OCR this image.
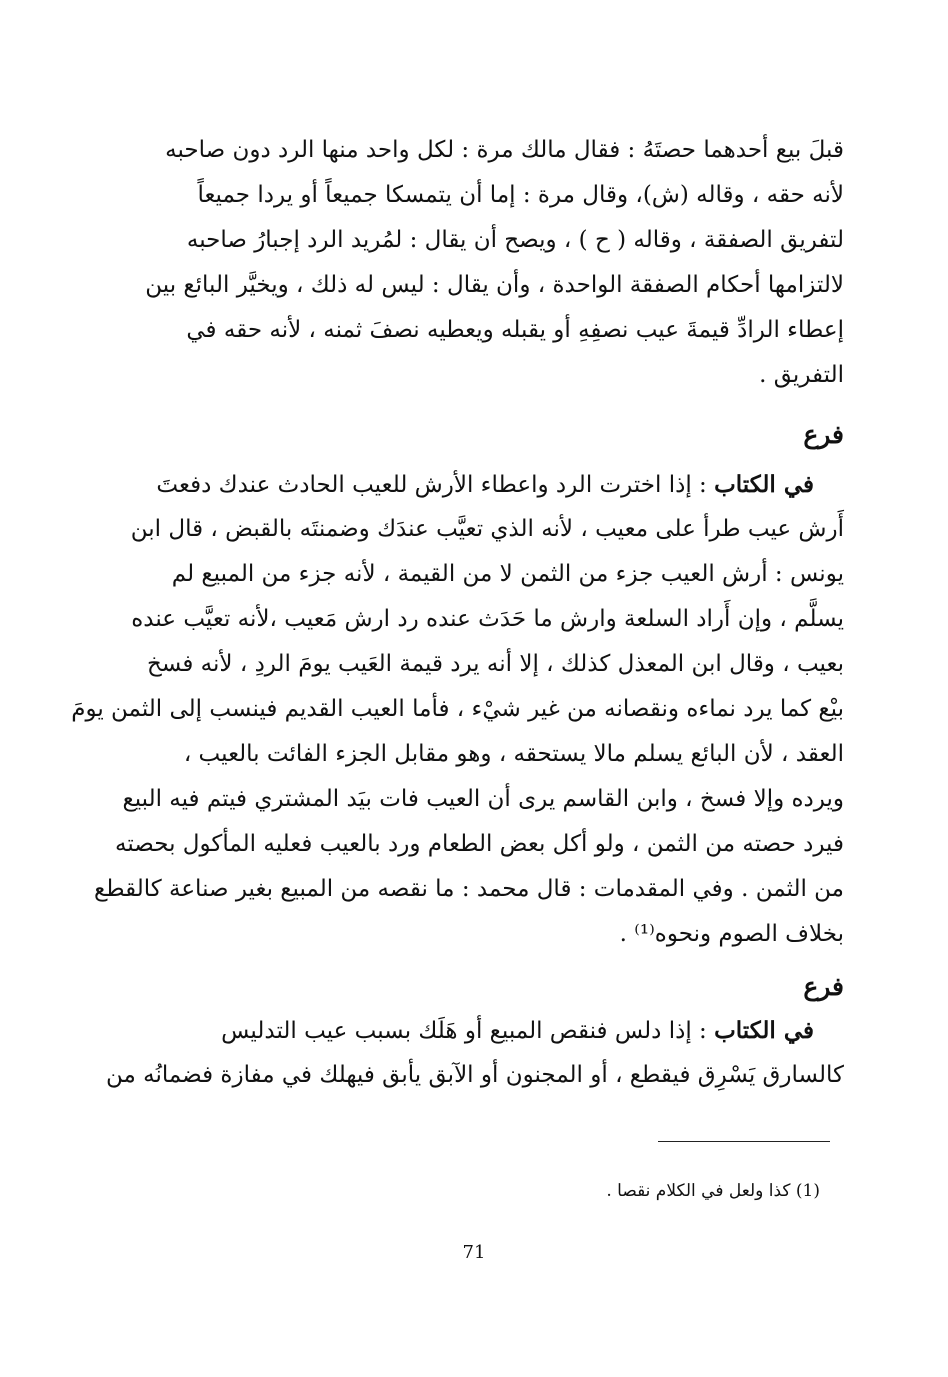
قبلَ بيع أحدهما حصتَهُ : فقال مالك مرة : لكل واحد منها الرد دون صاحبه
لأنه حقه ، وقاله (ش)، وقال مرة : إما أن يتمسكا جميعاً أو يردا جميعاً
لتفريق الصفقة ، وقاله ( ح ) ، ويصح أن يقال : لمُريد الرد إجبارُ صاحبه
لالتزامها أحكام الصفقة الواحدة ، وأن يقال : ليس له ذلك ، ويخيَّر البائع بين
إعطاء الرادِّ قيمةَ عيب نصفِهِ أو يقبله ويعطيه نصفَ ثمنه ، لأنه حقه في
التفريق .
فرع
في الكتاب : إذا اخترت الرد واعطاء الأرش للعيب الحادث عندك دفعتَ
أَرش عيب طرأ على معيب ، لأنه الذي تعيَّب عندَك وضمنتَه بالقبض ، قال ابن
يونس : أرش العيب جزء من الثمن لا من القيمة ، لأنه جزء من المبيع لم
يسلَّم ، وإن أَراد السلعة وارش ما حَدَث عنده رد ارش مَعيب ،لأنه تعيَّب عنده
بعيب ، وقال ابن المعذل كذلك ، إلا أنه يرد قيمة العَيب يومَ الردِ ، لأنه فسخ
بيْع كما يرد نماءه ونقصانه من غير شيْء ، فأما العيب القديم فينسب إلى الثمن يومَ
العقد ، لأن البائع يسلم مالا يستحقه ، وهو مقابل الجزء الفائت بالعيب ،
ويرده وإلا فسخ ، وابن القاسم يرى أن العيب فات بيَد المشتري فيتم فيه البيع
فيرد حصته من الثمن ، ولو أكل بعض الطعام ورد بالعيب فعليه المأكول بحصته
من الثمن . وفي المقدمات : قال محمد : ما نقصه من المبيع بغير صناعة كالقطع
بخلاف الصوم ونحوه⁽¹⁾ .
فرع
في الكتاب : إذا دلس فنقص المبيع أو هَلَك بسبب عيب التدليس
كالسارق يَسْرِق فيقطع ، أو المجنون أو الآبق يأبق فيهلك في مفازة فضمانُه من
(1) كذا ولعل في الكلام نقصا .
71
